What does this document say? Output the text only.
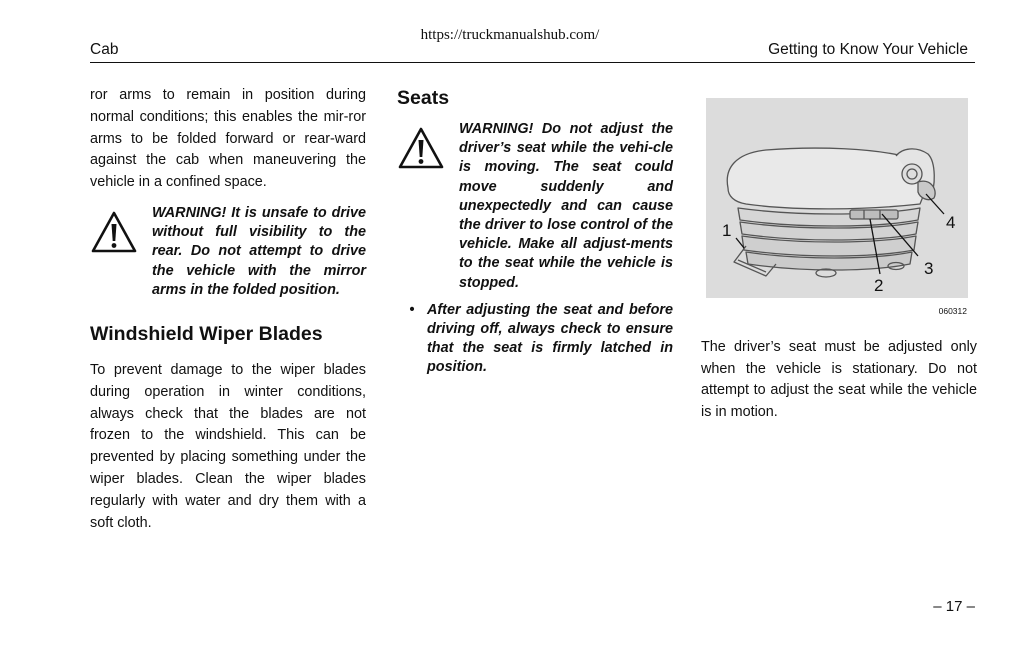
https://truckmanualshub.com/
Cab	Getting to Know Your Vehicle

ror arms to remain in position during normal conditions; this enables the mir-ror arms to be folded forward or rear-ward against the cab when maneuvering the vehicle in a confined space.

WARNING! It is unsafe to drive without full visibility to the rear. Do not attempt to drive the vehicle with the mirror arms in the folded position.
Windshield Wiper Blades

To prevent damage to the wiper blades during operation in winter conditions, always check that the blades are not frozen to the windshield. This can be prevented by placing something under the wiper blades. Clean the wiper blades regularly with water and dry them with a soft cloth.

Seats
WARNING! Do not adjust the driver’s seat while the vehi-cle is moving. The seat could move suddenly and unexpectedly and can cause the driver to lose control of the vehicle. Make all adjust-ments to the seat while the vehicle is stopped.
• After adjusting the seat and before driving off, always check to ensure that the seat is firmly latched in position.
1
2
3
4
060312

The driver’s seat must be adjusted only when the vehicle is stationary. Do not attempt to adjust the seat while the vehicle is in motion.

– 17 –
